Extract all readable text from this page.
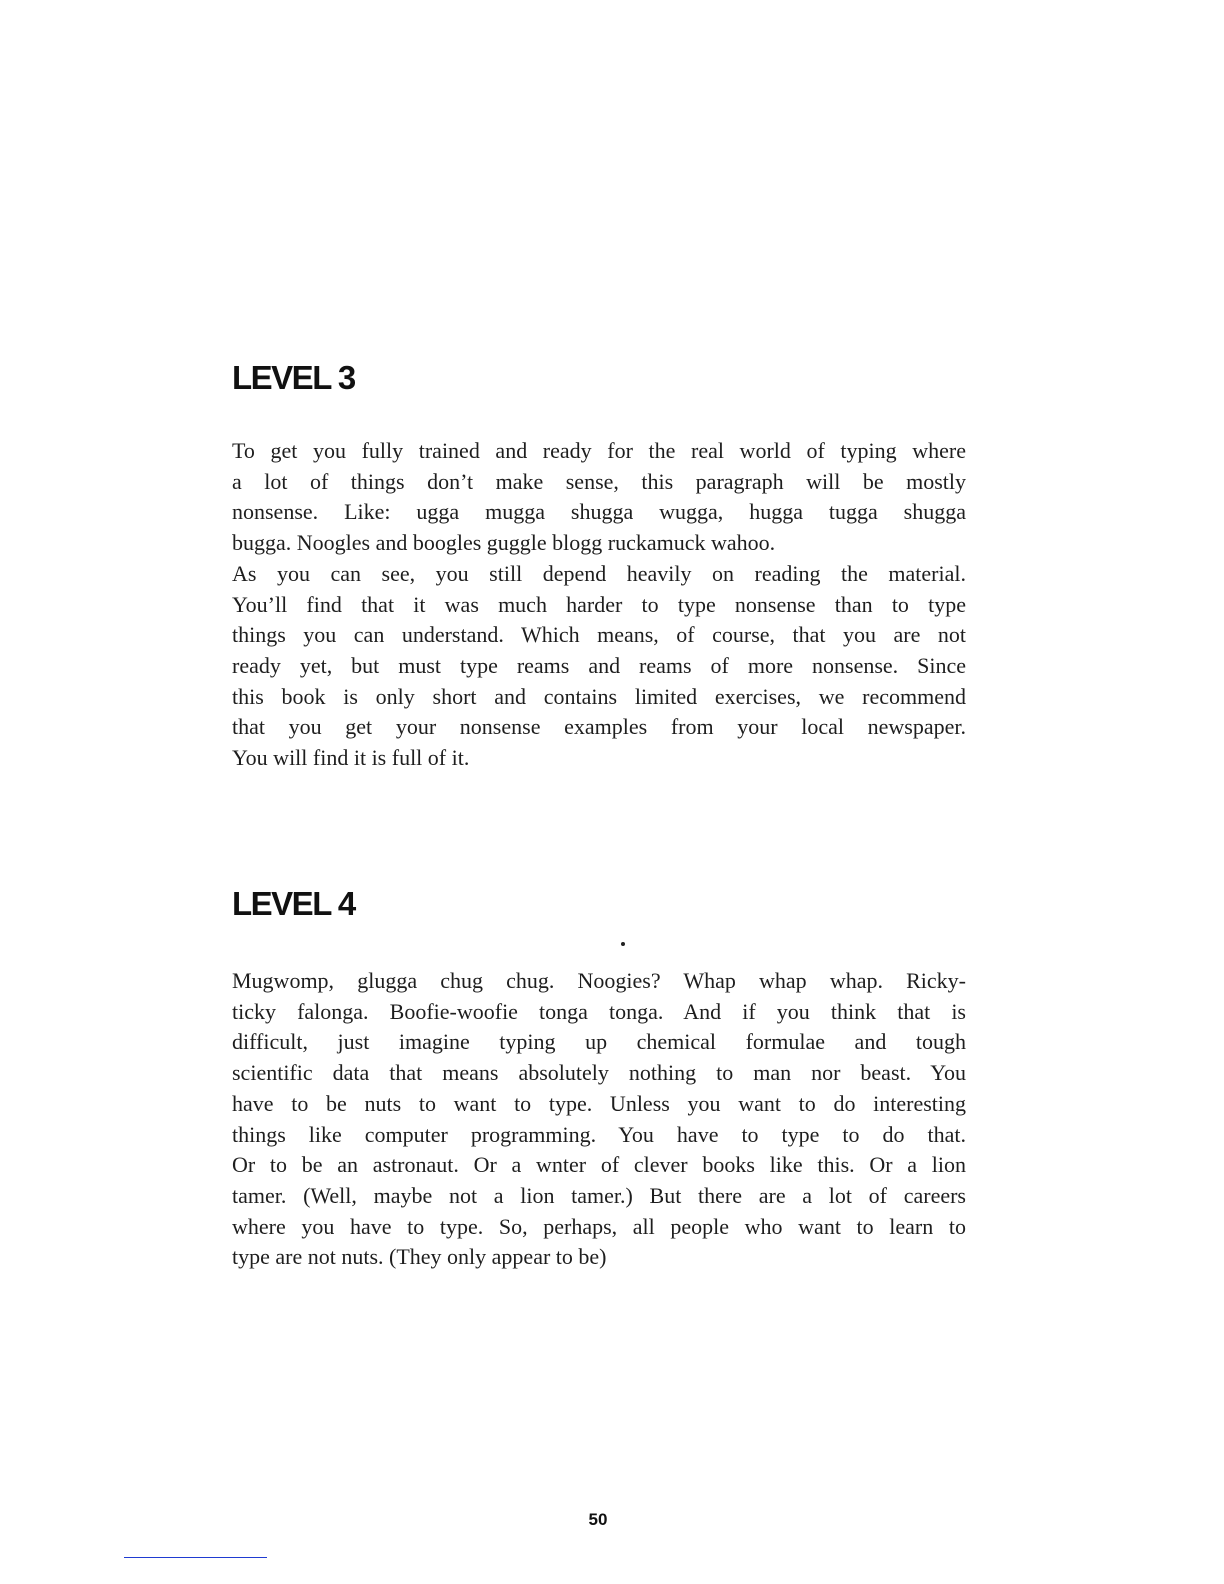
LEVEL 3
To get you fully trained and ready for the real world of typing where
a lot of things don’t make sense, this paragraph will be mostly
nonsense. Like: ugga mugga shugga wugga, hugga tugga shugga
bugga. Noogles and boogles guggle blogg ruckamuck wahoo.
As you can see, you still depend heavily on reading the material.
You’ll find that it was much harder to type nonsense than to type
things you can understand. Which means, of course, that you are not
ready yet, but must type reams and reams of more nonsense. Since
this book is only short and contains limited exercises, we recommend
that you get your nonsense examples from your local newspaper.
You will find it is full of it.
LEVEL 4
Mugwomp, glugga chug chug. Noogies? Whap whap whap. Ricky-
ticky falonga. Boofie-woofie tonga tonga. And if you think that is
difficult, just imagine typing up chemical formulae and tough
scientific data that means absolutely nothing to man nor beast. You
have to be nuts to want to type. Unless you want to do interesting
things like computer programming. You have to type to do that.
Or to be an astronaut. Or a wnter of clever books like this. Or a lion
tamer. (Well, maybe not a lion tamer.) But there are a lot of careers
where you have to type. So, perhaps, all people who want to learn to
type are not nuts. (They only appear to be)
50
